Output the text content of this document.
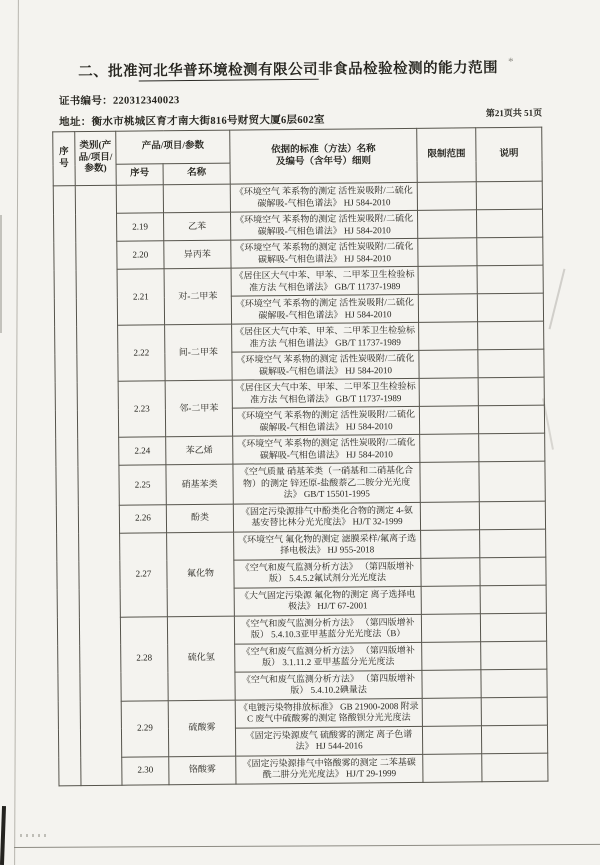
二、批准河北华普环境检测有限公司非食品检验检测的能力范围 *
证书编号：220312340023
地址：衡水市桃城区育才南大街816号财贸大厦6层602室
第21页共 51页
序号	类别(产品/项目/参数)	产品/项目/参数		依据的标准（方法）名称
及编号（含年号）细则	限制范围	说明
		序号	名称			
				《环境空气 苯系物的测定 活性炭吸附/二硫化碳解吸-气相色谱法》 HJ 584-2010		
		2.19	乙苯	《环境空气 苯系物的测定 活性炭吸附/二硫化碳解吸-气相色谱法》 HJ 584-2010		
		2.20	异丙苯	《环境空气 苯系物的测定 活性炭吸附/二硫化碳解吸-气相色谱法》 HJ 584-2010		
		2.21	对-二甲苯	《居住区大气中苯、甲苯、二甲苯卫生检验标准方法 气相色谱法》 GB/T 11737-1989		
				《环境空气 苯系物的测定 活性炭吸附/二硫化碳解吸-气相色谱法》 HJ 584-2010		
		2.22	间-二甲苯	《居住区大气中苯、甲苯、二甲苯卫生检验标准方法 气相色谱法》 GB/T 11737-1989		
				《环境空气 苯系物的测定 活性炭吸附/二硫化碳解吸-气相色谱法》 HJ 584-2010		
		2.23	邻-二甲苯	《居住区大气中苯、甲苯、二甲苯卫生检验标准方法 气相色谱法》 GB/T 11737-1989		
				《环境空气 苯系物的测定 活性炭吸附/二硫化碳解吸-气相色谱法》 HJ 584-2010		
		2.24	苯乙烯	《环境空气 苯系物的测定 活性炭吸附/二硫化碳解吸-气相色谱法》 HJ 584-2010		
		2.25	硝基苯类	《空气质量 硝基苯类（一硝基和二硝基化合物）的测定 锌还原-盐酸萘乙二胺分光光度法》 GB/T 15501-1995		
		2.26	酚类	《固定污染源排气中酚类化合物的测定 4-氨基安替比林分光光度法》 HJ/T 32-1999		
		2.27	氟化物	《环境空气 氟化物的测定 滤膜采样/氟离子选择电极法》 HJ 955-2018		
				《空气和废气监测分析方法》 （第四版增补版） 5.4.5.2氟试剂分光光度法		
				《大气固定污染源 氟化物的测定 离子选择电极法》 HJ/T 67-2001		
		2.28	硫化氢	《空气和废气监测分析方法》 （第四版增补版） 5.4.10.3亚甲基蓝分光光度法（B）		
				《空气和废气监测分析方法》 （第四版增补版） 3.1.11.2 亚甲基蓝分光光度法		
				《空气和废气监测分析方法》 （第四版增补版） 5.4.10.2碘量法		
		2.29	硫酸雾	《电镀污染物排放标准》 GB 21900-2008 附录C 废气中硫酸雾的测定 铬酸钡分光光度法		
				《固定污染源废气 硫酸雾的测定 离子色谱法》 HJ 544-2016		
		2.30	铬酸雾	《固定污染源排气中铬酸雾的测定 二苯基碳酰二肼分光光度法》 HJ/T 29-1999		
